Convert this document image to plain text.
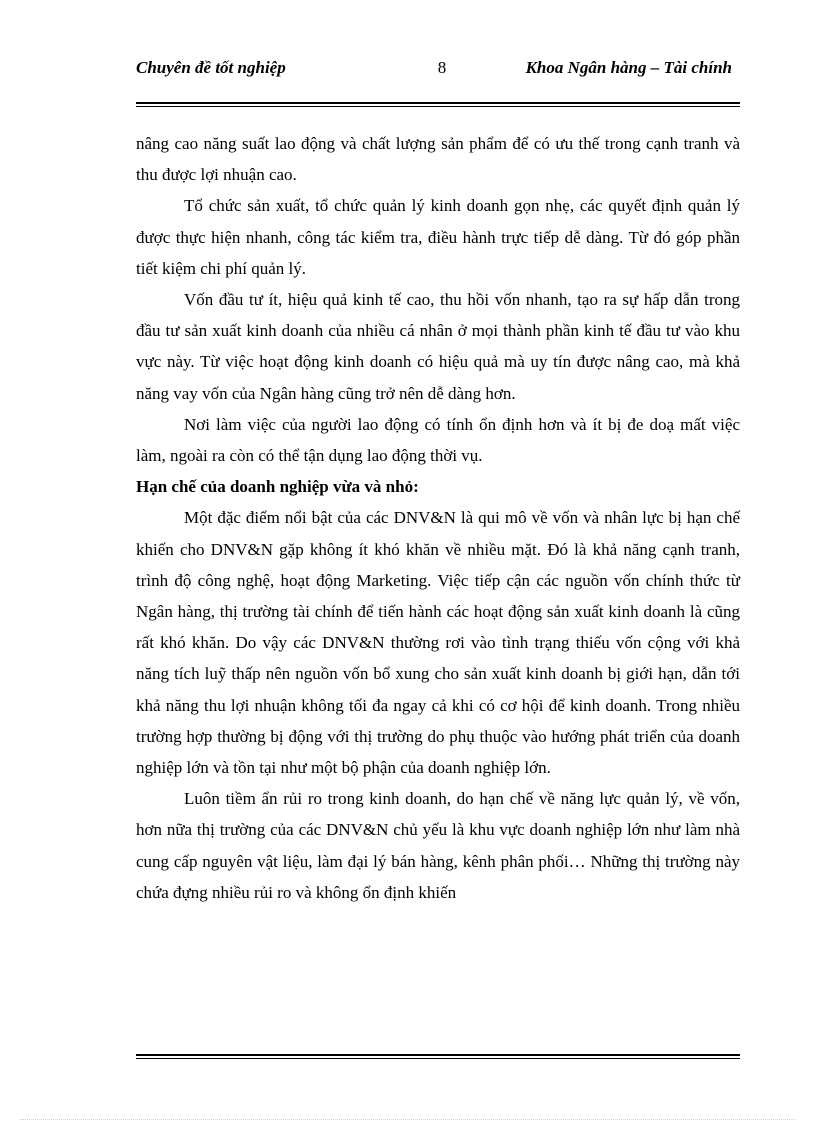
Chuyên đề tốt nghiệp	8	Khoa Ngân hàng – Tài chính

nâng cao năng suất lao động và chất lượng sản phẩm để có ưu thế trong cạnh tranh và thu được lợi nhuận cao.

Tổ chức sản xuất, tổ chức quản lý kinh doanh gọn nhẹ, các quyết định quản lý được thực hiện nhanh, công tác kiểm tra, điều hành trực tiếp dễ dàng. Từ đó góp phần tiết kiệm chi phí quản lý.

Vốn đầu tư ít, hiệu quả kinh tế cao, thu hồi vốn nhanh, tạo ra sự hấp dẫn trong đầu tư sản xuất kinh doanh của nhiều cá nhân ở mọi thành phần kinh tế đầu tư vào khu vực này. Từ việc hoạt động kinh doanh có hiệu quả mà uy tín được nâng cao, mà khả năng vay vốn của Ngân hàng cũng trở nên dễ dàng hơn.

Nơi làm việc của người lao động có tính ổn định hơn và ít bị đe doạ mất việc làm, ngoài ra còn có thể tận dụng lao động thời vụ.

Hạn chế của doanh nghiệp vừa và nhỏ:

Một đặc điểm nổi bật của các DNV&N là qui mô về vốn và nhân lực bị hạn chế khiến cho DNV&N gặp không ít khó khăn về nhiều mặt. Đó là khả năng cạnh tranh, trình độ công nghệ, hoạt động Marketing. Việc tiếp cận các nguồn vốn chính thức từ Ngân hàng, thị trường tài chính để tiến hành các hoạt động sản xuất kinh doanh là cũng rất khó khăn. Do vậy các DNV&N thường rơi vào tình trạng thiếu vốn cộng với khả năng tích luỹ thấp nên nguồn vốn bổ xung cho sản xuất kinh doanh bị giới hạn, dẫn tới khả năng thu lợi nhuận không tối đa ngay cả khi có cơ hội để kinh doanh. Trong nhiều trường hợp thường bị động với thị trường do phụ thuộc vào hướng phát triển của doanh nghiệp lớn và tồn tại như một bộ phận của doanh nghiệp lớn.

Luôn tiềm ẩn rủi ro trong kinh doanh, do hạn chế về năng lực quản lý, về vốn, hơn nữa thị trường của các DNV&N chủ yếu là khu vực doanh nghiệp lớn như làm nhà cung cấp nguyên vật liệu, làm đại lý bán hàng, kênh phân phối… Những thị trường này chứa đựng nhiều rủi ro và không ổn định khiến
